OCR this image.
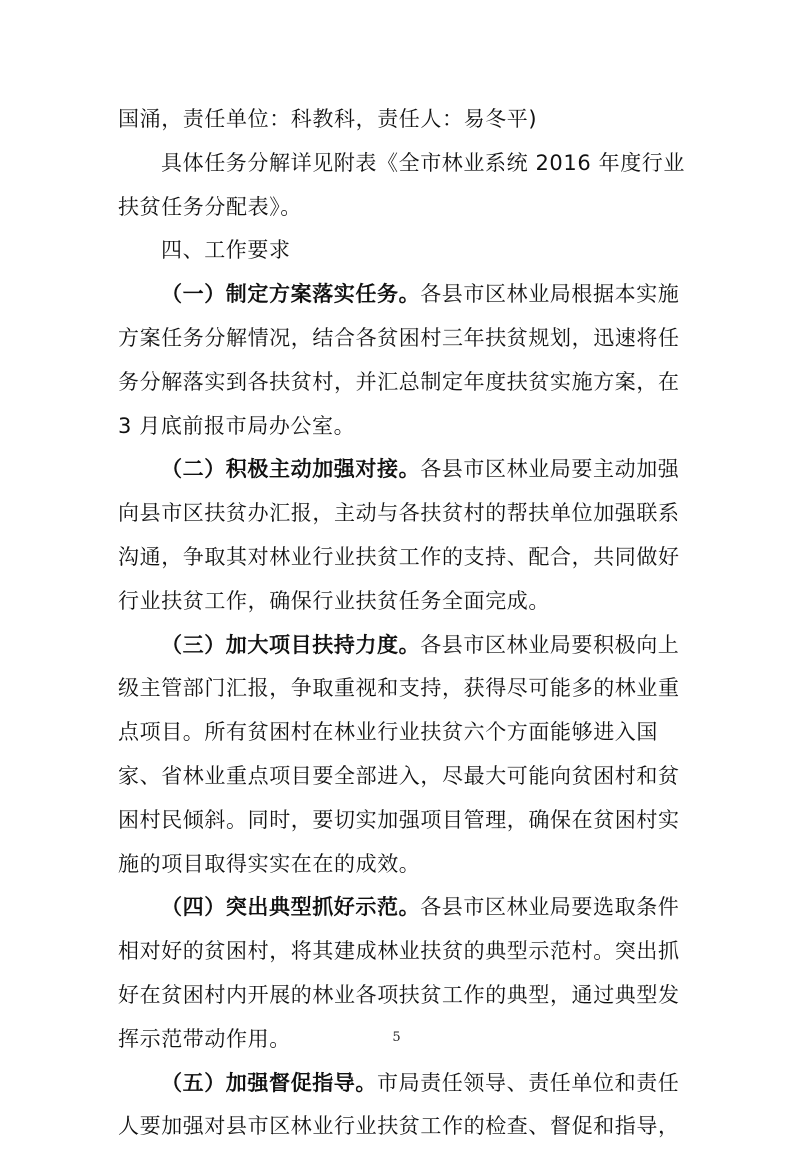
国涌，责任单位：科教科，责任人：易冬平)
具体任务分解详见附表《全市林业系统 2016 年度行业
扶贫任务分配表》。
四、工作要求
（一）制定方案落实任务。各县市区林业局根据本实施
方案任务分解情况，结合各贫困村三年扶贫规划，迅速将任
务分解落实到各扶贫村，并汇总制定年度扶贫实施方案，在
3 月底前报市局办公室。
（二）积极主动加强对接。各县市区林业局要主动加强
向县市区扶贫办汇报，主动与各扶贫村的帮扶单位加强联系
沟通，争取其对林业行业扶贫工作的支持、配合，共同做好
行业扶贫工作，确保行业扶贫任务全面完成。
（三）加大项目扶持力度。各县市区林业局要积极向上
级主管部门汇报，争取重视和支持，获得尽可能多的林业重
点项目。所有贫困村在林业行业扶贫六个方面能够进入国
家、省林业重点项目要全部进入，尽最大可能向贫困村和贫
困村民倾斜。同时，要切实加强项目管理，确保在贫困村实
施的项目取得实实在在的成效。
（四）突出典型抓好示范。各县市区林业局要选取条件
相对好的贫困村，将其建成林业扶贫的典型示范村。突出抓
好在贫困村内开展的林业各项扶贫工作的典型，通过典型发
挥示范带动作用。
（五）加强督促指导。市局责任领导、责任单位和责任
人要加强对县市区林业行业扶贫工作的检查、督促和指导，
5
